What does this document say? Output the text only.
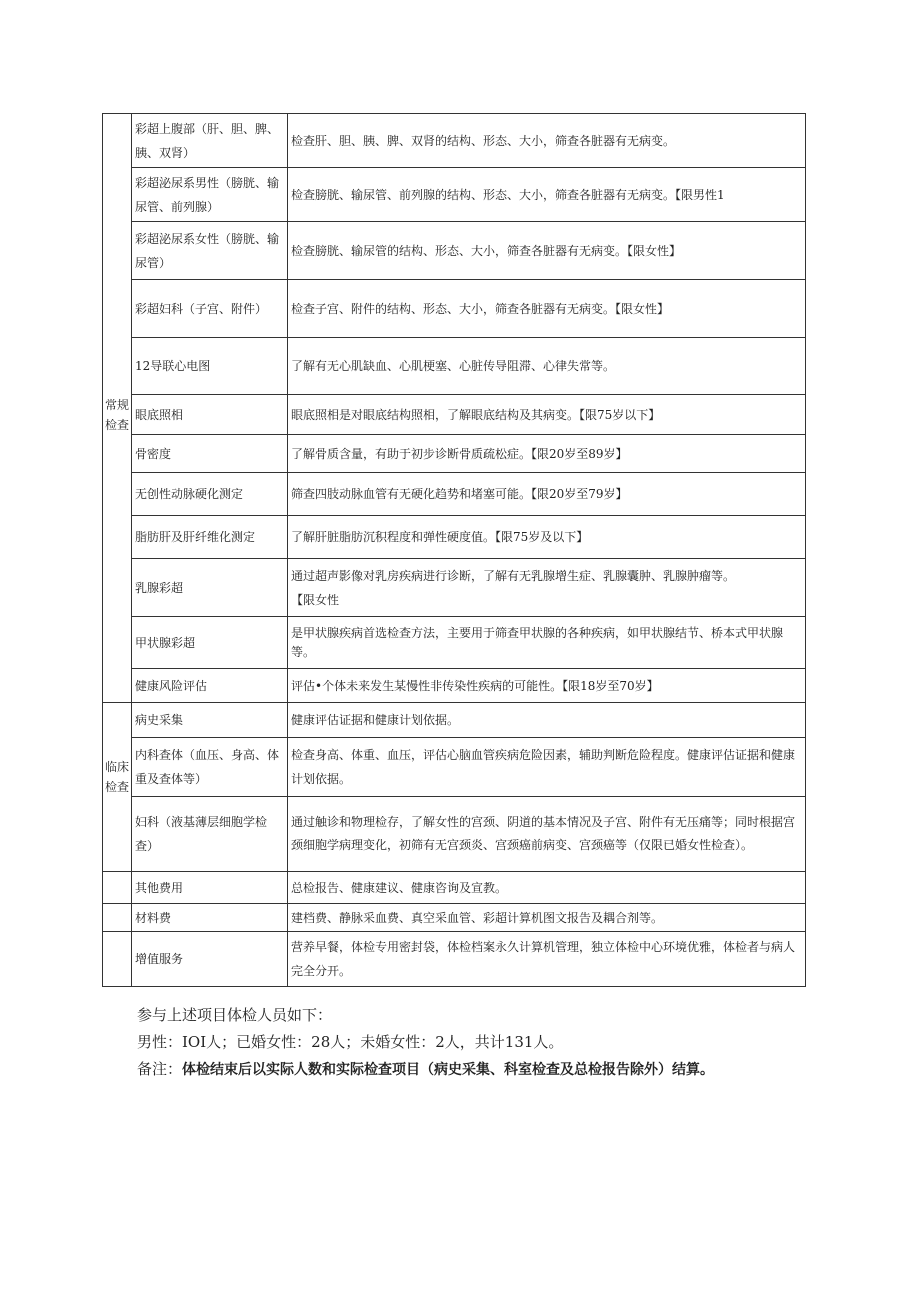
	彩超上腹部（肝、胆、脾、胰、双肾）	检查肝、胆、胰、脾、双肾的结构、形态、大小，筛查各脏器有无病变。
	彩超泌尿系男性（膀胱、输尿管、前列腺）	检查膀胱、输尿管、前列腺的结构、形态、大小，筛查各脏器有无病变。【限男性1
	彩超泌尿系女性（膀胱、输尿管）	检查膀胱、输尿管的结构、形态、大小，筛查各脏器有无病变。【限女性】
	彩超妇科（子宫、附件）	检查子宫、附件的结构、形态、大小，筛查各脏器有无病变。【限女性】
	12导联心电图	了解有无心肌缺血、心肌梗塞、心脏传导阻滞、心律失常等。
常规检查	眼底照相	眼底照相是对眼底结构照相，了解眼底结构及其病变。【限75岁以下】
	骨密度	了解骨质含量，有助于初步诊断骨质疏松症。【限20岁至89岁】
	无创性动脉硬化测定	筛查四肢动脉血管有无硬化趋势和堵塞可能。【限20岁至79岁】
	脂肪肝及肝纤维化测定	了解肝脏脂肪沉积程度和弹性硬度值。【限75岁及以下】
	乳腺彩超	通过超声影像对乳房疾病进行诊断，了解有无乳腺增生症、乳腺囊肿、乳腺肿瘤等。
【限女性

	甲状腺彩超	是甲状腺疾病首选检查方法，主要用于筛查甲状腺的各种疾病，如甲状腺结节、桥本式甲状腺等。
	健康风险评估	评估•个体未来发生某慢性非传染性疾病的可能性。【限18岁至70岁】
	病史采集	健康评估证据和健康计划依据。
临床检查	内科查体（血压、身高、体重及查体等）	检查身高、体重、血压，评估心脑血管疾病危险因素，辅助判断危险程度。健康评估证据和健康计划依据。
	妇科（液基薄层细胞学检查）	通过触诊和物理检存，了解女性的宫颈、阴道的基本情况及子宫、附件有无压痛等；同时根据宫颈细胞学病理变化，初筛有无宫颈炎、宫颈癌前病变、宫颈癌等（仅限已婚女性检查）。
	其他费用	总检报告、健康建议、健康咨询及宣教。
	材料费	建档费、静脉采血费、真空采血管、彩超计算机图文报告及耦合剂等。
	增值服务	营养早餐，体检专用密封袋，体检档案永久计算机管理，独立体检中心环境优雅，体检者与病人完全分开。
参与上述项目体检人员如下：
男性：IOI人；已婚女性：28人；未婚女性：2人，共计131人。
备注：体检结束后以实际人数和实际检查项目（病史采集、科室检查及总检报告除外）结算。
